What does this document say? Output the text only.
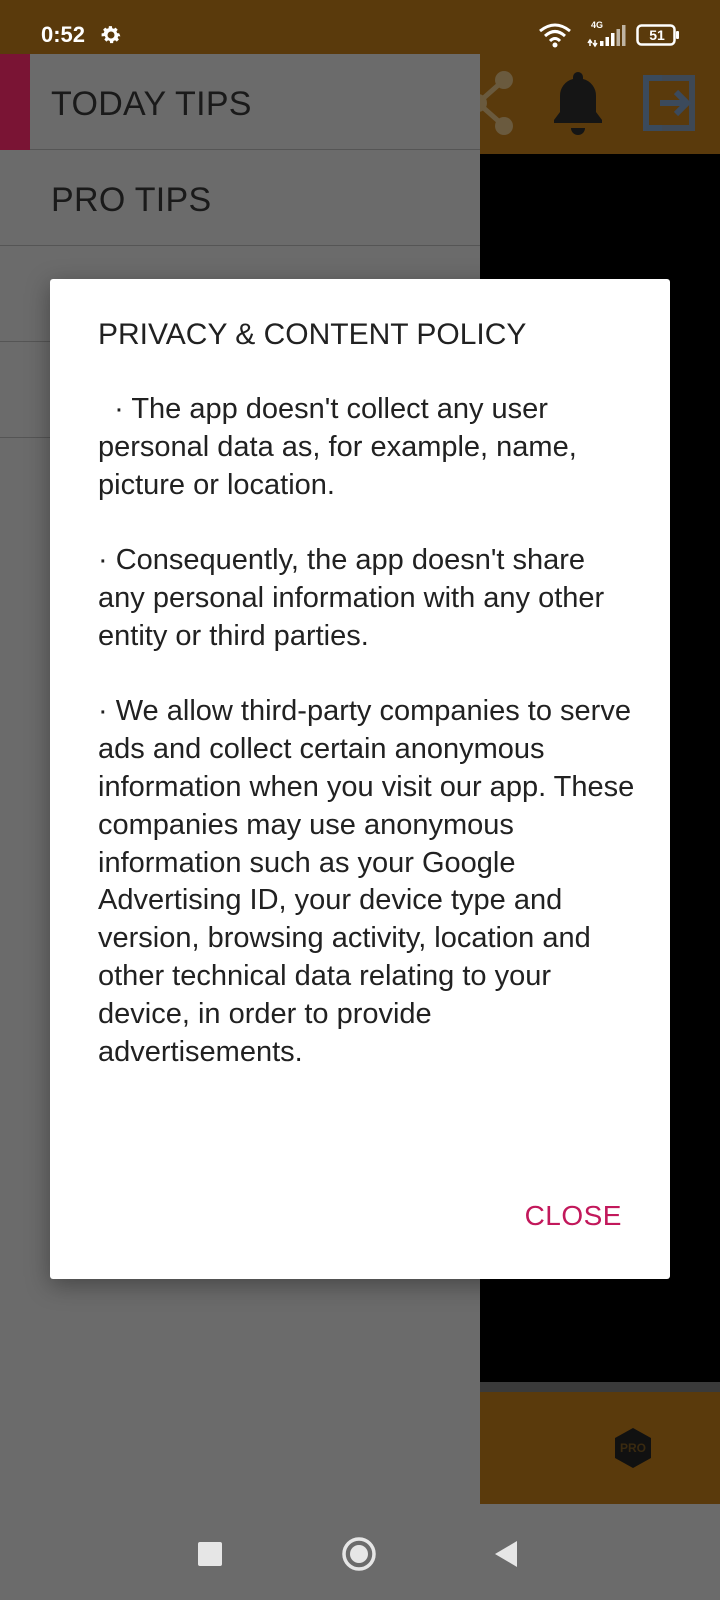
0:52	4G
51
PRO
TODAY TIPS
PRO TIPS
PRIVACY & CONTENT POLICY

· The app doesn't collect any user personal data as, for example, name, picture or location.

· Consequently, the app doesn't share any personal information with any other entity or third parties.

· We allow third-party companies to serve ads and collect certain anonymous information when you visit our app. These companies may use anonymous information such as your Google Advertising ID, your device type and version, browsing activity, location and other technical data relating to your device, in order to provide advertisements.

CLOSE
